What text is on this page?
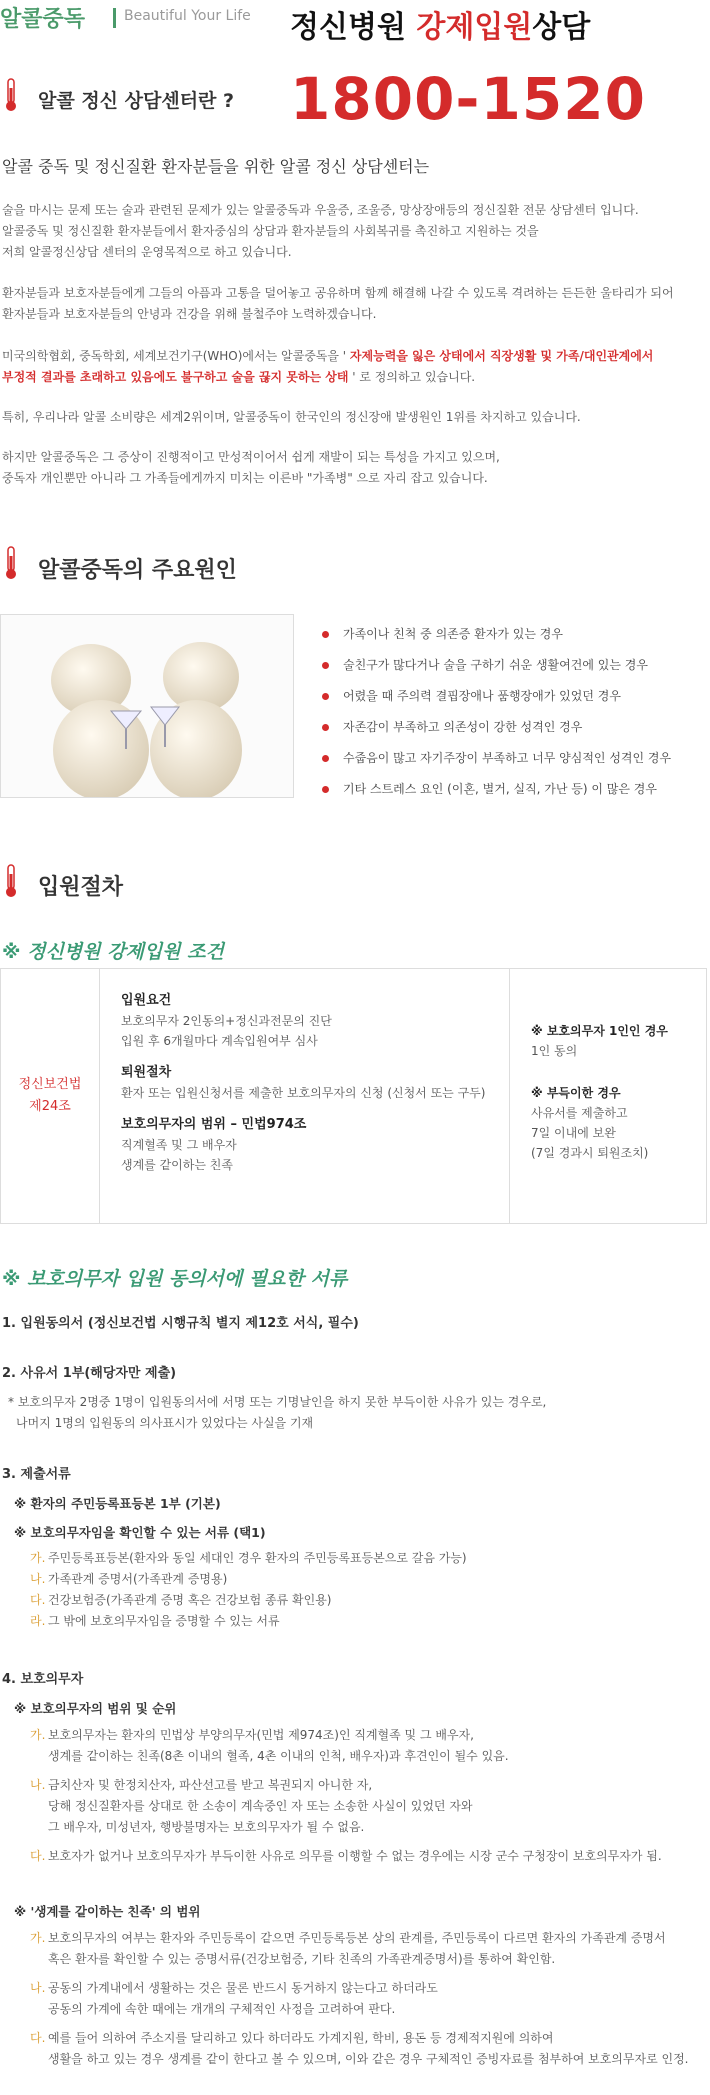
알콜중독	Beautiful Your Life 정신병원 강제입원상담
알콜 정신 상담센터란 ? 1800-1520
알콜 중독 및 정신질환 환자분들을 위한 알콜 정신 상담센터는
술을 마시는 문제 또는 술과 관련된 문제가 있는 알콜중독과 우울증, 조울증, 망상장애등의 정신질환 전문 상담센터 입니다.
알콜중독 및 정신질환 환자분들에서 환자중심의 상담과 환자분들의 사회복귀를 촉진하고 지원하는 것을
저희 알콜정신상담 센터의 운영목적으로 하고 있습니다.
환자분들과 보호자분들에게 그들의 아픔과 고통을 덜어놓고 공유하며 함께 해결해 나갈 수 있도록 격려하는 든든한 울타리가 되어
환자분들과 보호자분들의 안녕과 건강을 위해 불철주야 노력하겠습니다.
미국의학협회, 중독학회, 세계보건기구(WHO)에서는 알콜중독을 ' 자제능력을 잃은 상태에서 직장생활 및 가족/대인관계에서
부정적 결과를 초래하고 있음에도 불구하고 술을 끊지 못하는 상태 ' 로 정의하고 있습니다.
특히, 우리나라 알콜 소비량은 세계2위이며, 알콜중독이 한국인의 정신장애 발생원인 1위를 차지하고 있습니다.
하지만 알콜중독은 그 증상이 진행적이고 만성적이어서 쉽게 재발이 되는 특성을 가지고 있으며,
중독자 개인뿐만 아니라 그 가족들에게까지 미치는 이른바 "가족병" 으로 자리 잡고 있습니다.
알콜중독의 주요원인
가족이나 친척 중 의존증 환자가 있는 경우
술친구가 많다거나 술을 구하기 쉬운 생활여건에 있는 경우
어렸을 때 주의력 결핍장애나 품행장애가 있었던 경우
자존감이 부족하고 의존성이 강한 성격인 경우
수줍음이 많고 자기주장이 부족하고 너무 양심적인 성격인 경우
기타 스트레스 요인 (이혼, 별거, 실직, 가난 등) 이 많은 경우
입원절차
※ 정신병원 강제입원 조건
정신보건법
제24조
입원요건
보호의무자 2인동의+정신과전문의 진단
입원 후 6개월마다 계속입원여부 심사
퇴원절차
환자 또는 입원신청서를 제출한 보호의무자의 신청 (신청서 또는 구두)
보호의무자의 범위 – 민법974조
직계혈족 및 그 배우자
생계를 같이하는 친족
※ 보호의무자 1인인 경우
1인 동의
※ 부득이한 경우
사유서를 제출하고
7일 이내에 보완
(7일 경과시 퇴원조치)
※ 보호의무자 입원 동의서에 필요한 서류
1. 입원동의서 (정신보건법 시행규칙 별지 제12호 서식, 필수)
2. 사유서 1부(해당자만 제출)
* 보호의무자 2명중 1명이 입원동의서에 서명 또는 기명날인을 하지 못한 부득이한 사유가 있는 경우로,
나머지 1명의 입원동의 의사표시가 있었다는 사실을 기재
3. 제출서류
※ 환자의 주민등록표등본 1부 (기본)
※ 보호의무자임을 확인할 수 있는 서류 (택1)
가. 주민등록표등본(환자와 동일 세대인 경우 환자의 주민등록표등본으로 갈음 가능)
나. 가족관계 증명서(가족관계 증명용)
다. 건강보험증(가족관계 증명 혹은 건강보험 종류 확인용)
라. 그 밖에 보호의무자임을 증명할 수 있는 서류
4. 보호의무자
※ 보호의무자의 범위 및 순위
가. 보호의무자는 환자의 민법상 부양의무자(민법 제974조)인 직계혈족 및 그 배우자,
생계를 같이하는 친족(8촌 이내의 혈족, 4촌 이내의 인척, 배우자)과 후견인이 될수 있음.
나. 금치산자 및 한정치산자, 파산선고를 받고 복권되지 아니한 자,
당해 정신질환자를 상대로 한 소송이 계속중인 자 또는 소송한 사실이 있었던 자와
그 배우자, 미성년자, 행방불명자는 보호의무자가 될 수 없음.
다. 보호자가 없거나 보호의무자가 부득이한 사유로 의무를 이행할 수 없는 경우에는 시장 군수 구청장이 보호의무자가 됨.
※ '생계를 같이하는 친족' 의 범위
가. 보호의무자의 여부는 환자와 주민등록이 같으면 주민등록등본 상의 관계를, 주민등록이 다르면 환자의 가족관계 증명서
혹은 환자를 확인할 수 있는 증명서류(건강보험증, 기타 친족의 가족관계증명서)를 통하여 확인함.
나. 공동의 가계내에서 생활하는 것은 물론 반드시 동거하지 않는다고 하더라도
공동의 가계에 속한 때에는 개개의 구체적인 사정을 고려하여 판다.
다. 예를 들어 의하여 주소지를 달리하고 있다 하더라도 가계지원, 학비, 용돈 등 경제적지원에 의하여
생활을 하고 있는 경우 생계를 같이 한다고 볼 수 있으며, 이와 같은 경우 구체적인 증빙자료를 첨부하여 보호의무자로 인정.
